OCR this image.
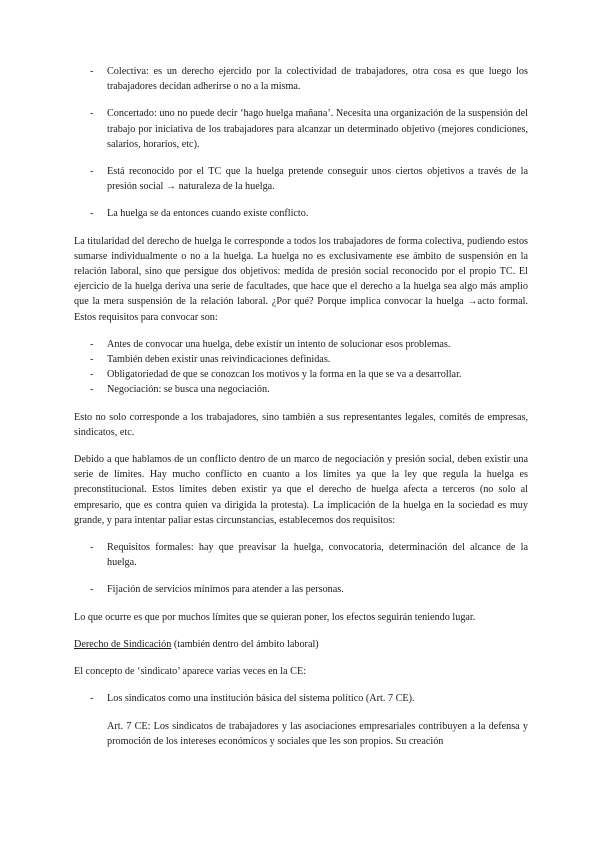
- Colectiva: es un derecho ejercido por la colectividad de trabajadores, otra cosa es que luego los trabajadores decidan adherirse o no a la misma.
- Concertado: uno no puede decir ‘hago huelga mañana’. Necesita una organización de la suspensión del trabajo por iniciativa de los trabajadores para alcanzar un determinado objetivo (mejores condiciones, salarios, horarios, etc).
- Está reconocido por el TC que la huelga pretende conseguir unos ciertos objetivos a través de la presión social → naturaleza de la huelga.
- La huelga se da entonces cuando existe conflicto.

La titularidad del derecho de huelga le corresponde a todos los trabajadores de forma colectiva, pudiendo estos sumarse individualmente o no a la huelga. La huelga no es exclusivamente ese ámbito de suspensión en la relación laboral, sino que persigue dos objetivos: medida de presión social reconocido por el propio TC. El ejercicio de la huelga deriva una serie de facultades, que hace que el derecho a la huelga sea algo más amplio que la mera suspensión de la relación laboral. ¿Por qué? Porque implica convocar la huelga →acto formal. Estos requisitos para convocar son:

- Antes de convocar una huelga, debe existir un intento de solucionar esos problemas.
- También deben existir unas reivindicaciones definidas.
- Obligatoriedad de que se conozcan los motivos y la forma en la que se va a desarrollar.
- Negociación: se busca una negociación.

Esto no solo corresponde a los trabajadores, sino también a sus representantes legales, comités de empresas, sindicatos, etc.

Debido a que hablamos de un conflicto dentro de un marco de negociación y presión social, deben existir una serie de límites. Hay mucho conflicto en cuanto a los límites ya que la ley que regula la huelga es preconstitucional. Estos límites deben existir ya que el derecho de huelga afecta a terceros (no solo al empresario, que es contra quien va dirigida la protesta). La implicación de la huelga en la sociedad es muy grande, y para intentar paliar estas circunstancias, establecemos dos requisitos:

- Requisitos formales: hay que preavisar la huelga, convocatoria, determinación del alcance de la huelga.
- Fijación de servicios mínimos para atender a las personas.

Lo que ocurre es que por muchos límites que se quieran poner, los efectos seguirán teniendo lugar.

Derecho de Sindicación (también dentro del ámbito laboral)

El concepto de ‘sindicato’ aparece varias veces en la CE:

- Los sindicatos como una institución básica del sistema político (Art. 7 CE).

Art. 7 CE: Los sindicatos de trabajadores y las asociaciones empresariales contribuyen a la defensa y promoción de los intereses económicos y sociales que les son propios. Su creación
